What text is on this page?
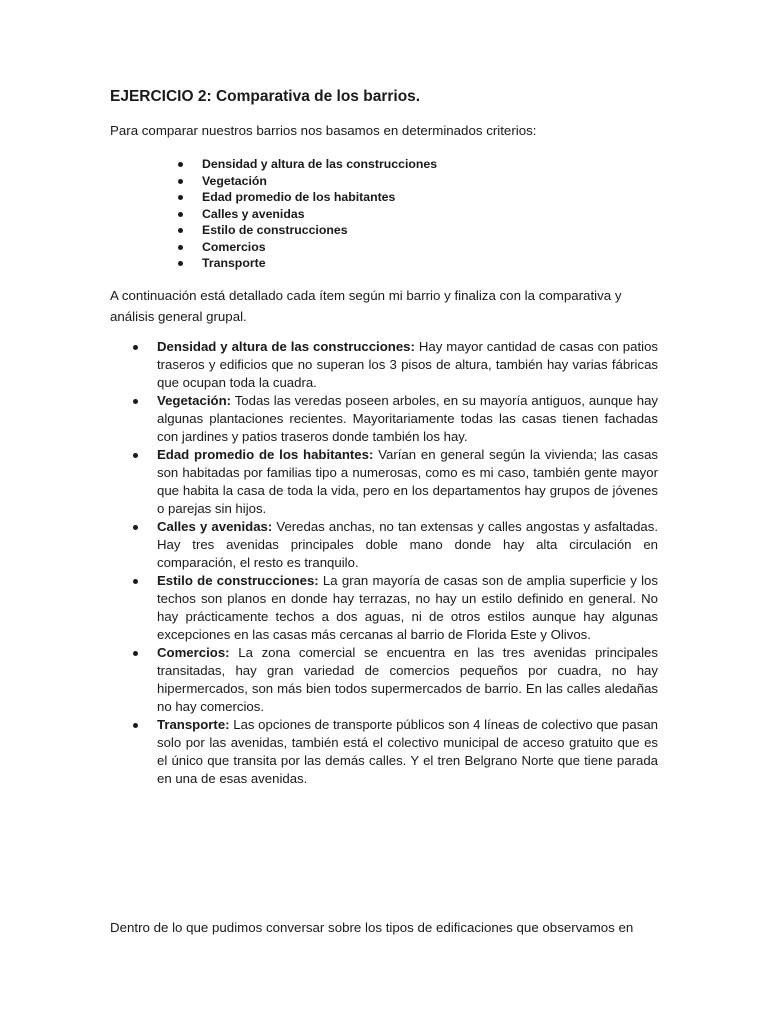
EJERCICIO 2: Comparativa de los barrios.

Para comparar nuestros barrios nos basamos en determinados criterios:

Densidad y altura de las construcciones
Vegetación
Edad promedio de los habitantes
Calles y avenidas
Estilo de construcciones
Comercios
Transporte

A continuación está detallado cada ítem según mi barrio y finaliza con la comparativa y análisis general grupal.

Densidad y altura de las construcciones: Hay mayor cantidad de casas con patios traseros y edificios que no superan los 3 pisos de altura, también hay varias fábricas que ocupan toda la cuadra.
Vegetación: Todas las veredas poseen arboles, en su mayoría antiguos, aunque hay algunas plantaciones recientes. Mayoritariamente todas las casas tienen fachadas con jardines y patios traseros donde también los hay.
Edad promedio de los habitantes: Varían en general según la vivienda; las casas son habitadas por familias tipo a numerosas, como es mi caso, también gente mayor que habita la casa de toda la vida, pero en los departamentos hay grupos de jóvenes o parejas sin hijos.
Calles y avenidas: Veredas anchas, no tan extensas y calles angostas y asfaltadas. Hay tres avenidas principales doble mano donde hay alta circulación en comparación, el resto es tranquilo.
Estilo de construcciones: La gran mayoría de casas son de amplia superficie y los techos son planos en donde hay terrazas, no hay un estilo definido en general. No hay prácticamente techos a dos aguas, ni de otros estilos aunque hay algunas excepciones en las casas más cercanas al barrio de Florida Este y Olivos.
Comercios: La zona comercial se encuentra en las tres avenidas principales transitadas, hay gran variedad de comercios pequeños por cuadra, no hay hipermercados, son más bien todos supermercados de barrio. En las calles aledañas no hay comercios.
Transporte: Las opciones de transporte públicos son 4 líneas de colectivo que pasan solo por las avenidas, también está el colectivo municipal de acceso gratuito que es el único que transita por las demás calles. Y el tren Belgrano Norte que tiene parada en una de esas avenidas.

Dentro de lo que pudimos conversar sobre los tipos de edificaciones que observamos en
